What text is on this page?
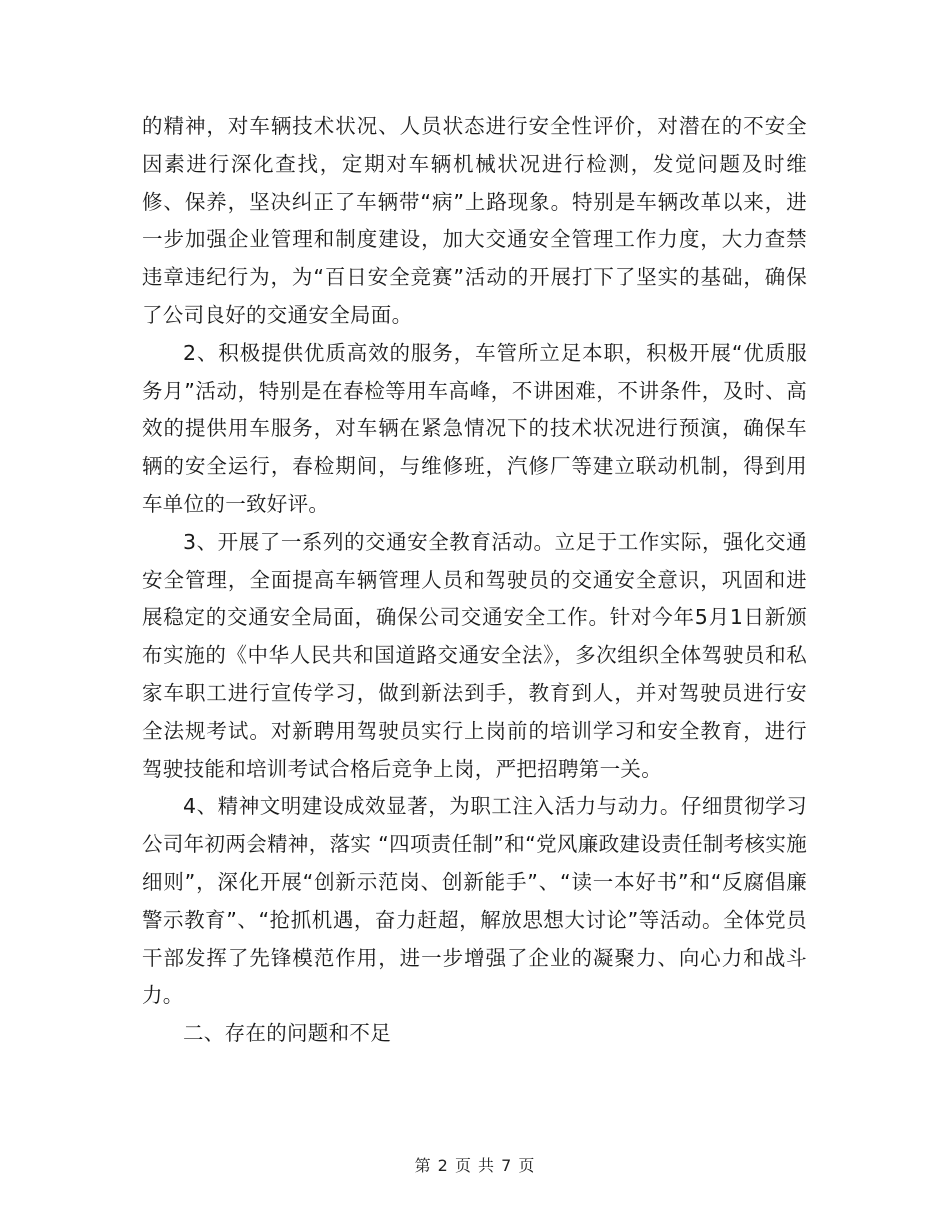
的精神，对车辆技术状况、人员状态进行安全性评价，对潜在的不安全因素进行深化查找，定期对车辆机械状况进行检测，发觉问题及时维修、保养，坚决纠正了车辆带“病”上路现象。特别是车辆改革以来，进一步加强企业管理和制度建设，加大交通安全管理工作力度，大力查禁违章违纪行为，为“百日安全竞赛”活动的开展打下了坚实的基础，确保了公司良好的交通安全局面。

2、积极提供优质高效的服务，车管所立足本职，积极开展“优质服务月”活动，特别是在春检等用车高峰，不讲困难，不讲条件，及时、高效的提供用车服务，对车辆在紧急情况下的技术状况进行预演，确保车辆的安全运行，春检期间，与维修班，汽修厂等建立联动机制，得到用车单位的一致好评。

3、开展了一系列的交通安全教育活动。立足于工作实际，强化交通安全管理，全面提高车辆管理人员和驾驶员的交通安全意识，巩固和进展稳定的交通安全局面，确保公司交通安全工作。针对今年5月1日新颁布实施的《中华人民共和国道路交通安全法》，多次组织全体驾驶员和私家车职工进行宣传学习，做到新法到手，教育到人，并对驾驶员进行安全法规考试。对新聘用驾驶员实行上岗前的培训学习和安全教育，进行驾驶技能和培训考试合格后竞争上岗，严把招聘第一关。

4、精神文明建设成效显著，为职工注入活力与动力。仔细贯彻学习公司年初两会精神，落实 “四项责任制”和“党风廉政建设责任制考核实施细则”，深化开展“创新示范岗、创新能手”、“读一本好书”和“反腐倡廉警示教育”、“抢抓机遇，奋力赶超，解放思想大讨论”等活动。全体党员干部发挥了先锋模范作用，进一步增强了企业的凝聚力、向心力和战斗力。

二、存在的问题和不足

第 2 页 共 7 页
